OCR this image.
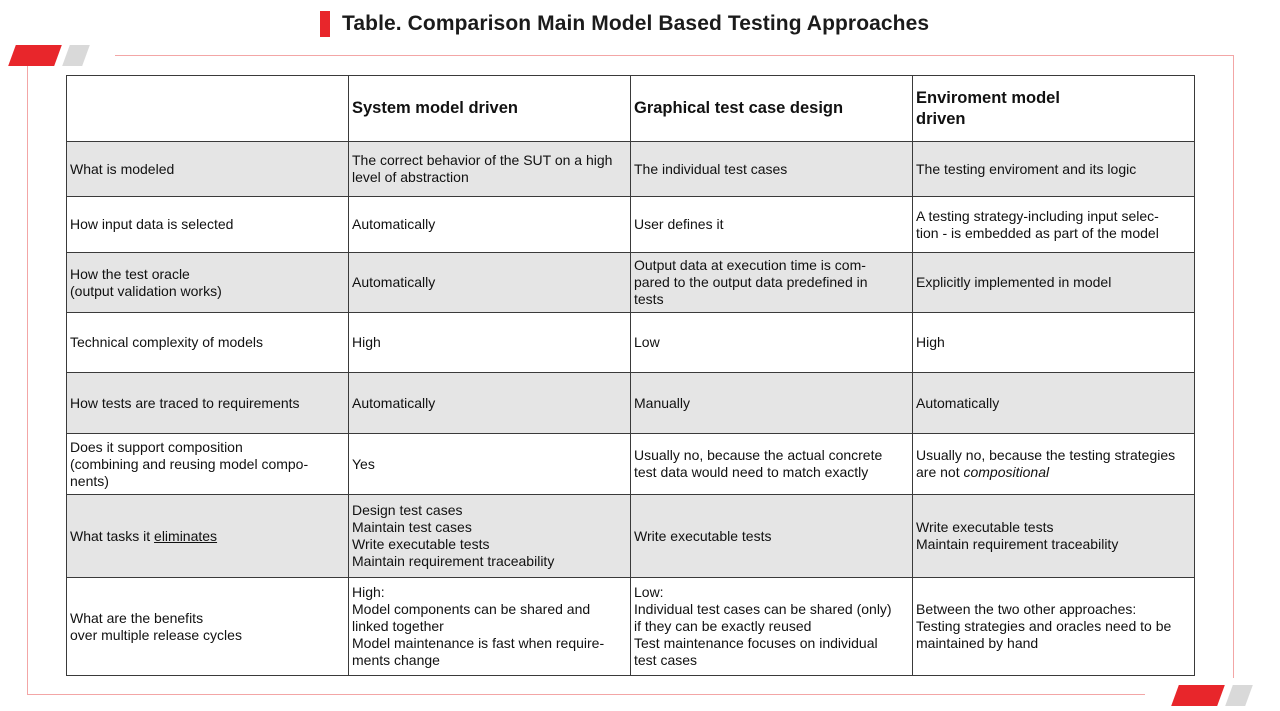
Table. Comparison Main Model Based Testing Approaches
	System model driven	Graphical test case design	Enviroment model
driven
What is modeled	The correct behavior of the SUT on a high level of abstraction	The individual test cases	The testing enviroment and its logic
How input data is selected	Automatically	User defines it	A testing strategy-including input selec-
tion - is embedded as part of the model
How the test oracle
(output validation works)	Automatically	Output data at execution time is com-
pared to the output data predefined in
tests	Explicitly implemented in model
Technical complexity of models	High	Low	High
How tests are traced to requirements	Automatically	Manually	Automatically
Does it support composition
(combining and reusing model compo-
nents)	Yes	Usually no, because the actual concrete
test data would need to match exactly	Usually no, because the testing strategies
are not compositional
What tasks it eliminates	Design test cases
Maintain test cases
Write executable tests
Maintain requirement traceability	Write executable tests	Write executable tests
Maintain requirement traceability
What are the benefits
over multiple release cycles	High:
Model components can be shared and
linked together
Model maintenance is fast when require-
ments change	Low:
Individual test cases can be shared (only)
if they can be exactly reused
Test maintenance focuses on individual
test cases	Between the two other approaches:
Testing strategies and oracles need to be
maintained by hand
